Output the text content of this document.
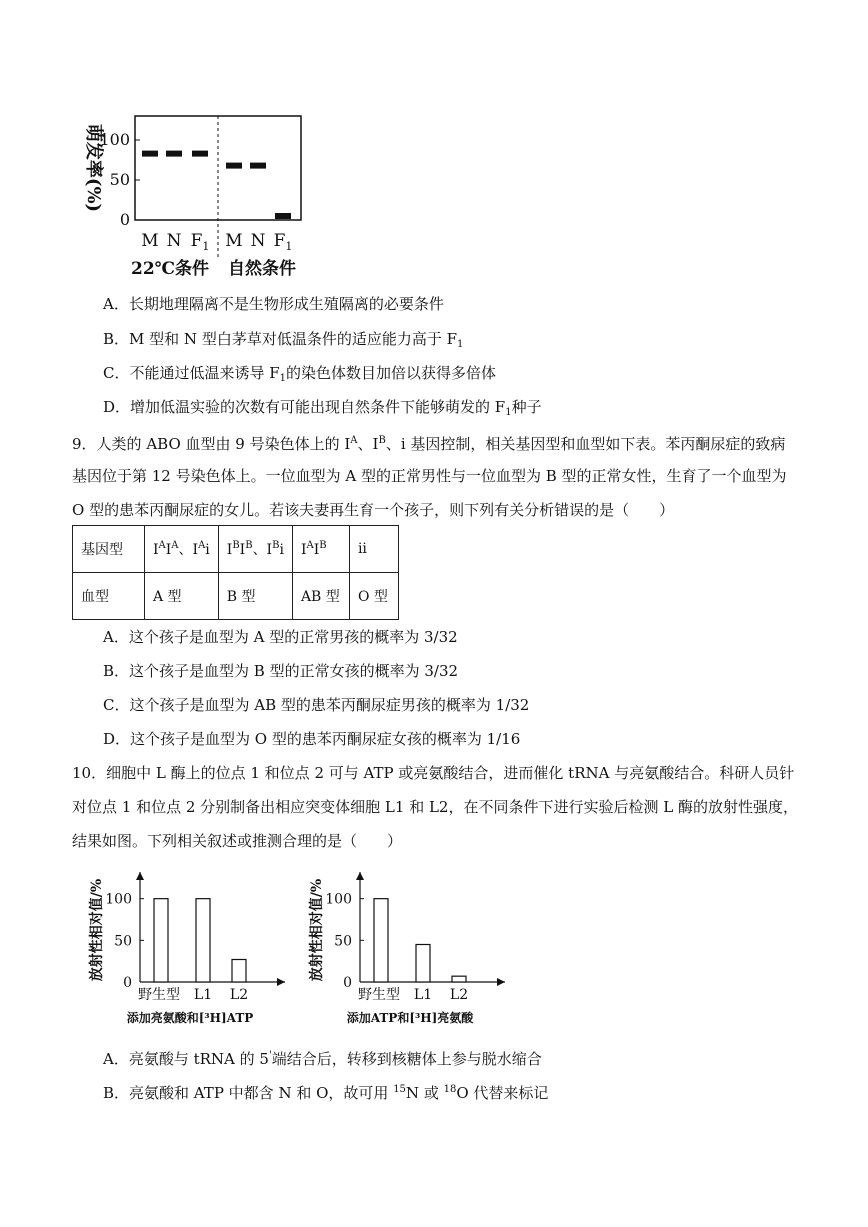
萌发率(%)
100
50
0
M N $F_1$ M N $F_1$
22℃条件 自然条件
A．长期地理隔离不是生物形成生殖隔离的必要条件
B．M 型和 N 型白茅草对低温条件的适应能力高于 $F_1$
C．不能通过低温来诱导 $F_1$的染色体数目加倍以获得多倍体
D．增加低温实验的次数有可能出现自然条件下能够萌发的 $F_1$种子
9．人类的 ABO 血型由 9 号染色体上的 $I^A$、$I^B$、i 基因控制，相关基因型和血型如下表。苯丙酮尿症的致病
基因位于第 12 号染色体上。一位血型为 A 型的正常男性与一位血型为 B 型的正常女性，生育了一个血型为
O 型的患苯丙酮尿症的女儿。若该夫妻再生育一个孩子，则下列有关分析错误的是（　　）
基因型	$I^AI^A$、$I^Ai$	$I^BI^B$、$I^Bi$	$I^AI^B$	ii
血型	A 型	B 型	AB 型	O 型
A．这个孩子是血型为 A 型的正常男孩的概率为 3/32
B．这个孩子是血型为 B 型的正常女孩的概率为 3/32
C．这个孩子是血型为 AB 型的患苯丙酮尿症男孩的概率为 1/32
D．这个孩子是血型为 O 型的患苯丙酮尿症女孩的概率为 1/16
10．细胞中 L 酶上的位点 1 和位点 2 可与 ATP 或亮氨酸结合，进而催化 tRNA 与亮氨酸结合。科研人员针
对位点 1 和位点 2 分别制备出相应突变体细胞 L1 和 L2，在不同条件下进行实验后检测 L 酶的放射性强度，
结果如图。下列相关叙述或推测合理的是（　　）
放射性相对值/% 100
50
0
野生型 L1 L2
添加亮氨酸和[³H]ATP
放射性相对值/% 100
50
0
野生型 L1 L2
添加ATP和[³H]亮氨酸
A．亮氨酸与 tRNA 的 5'端结合后，转移到核糖体上参与脱水缩合
B．亮氨酸和 ATP 中都含 N 和 O，故可用 $^{15}$N 或 $^{18}$O 代替来标记
